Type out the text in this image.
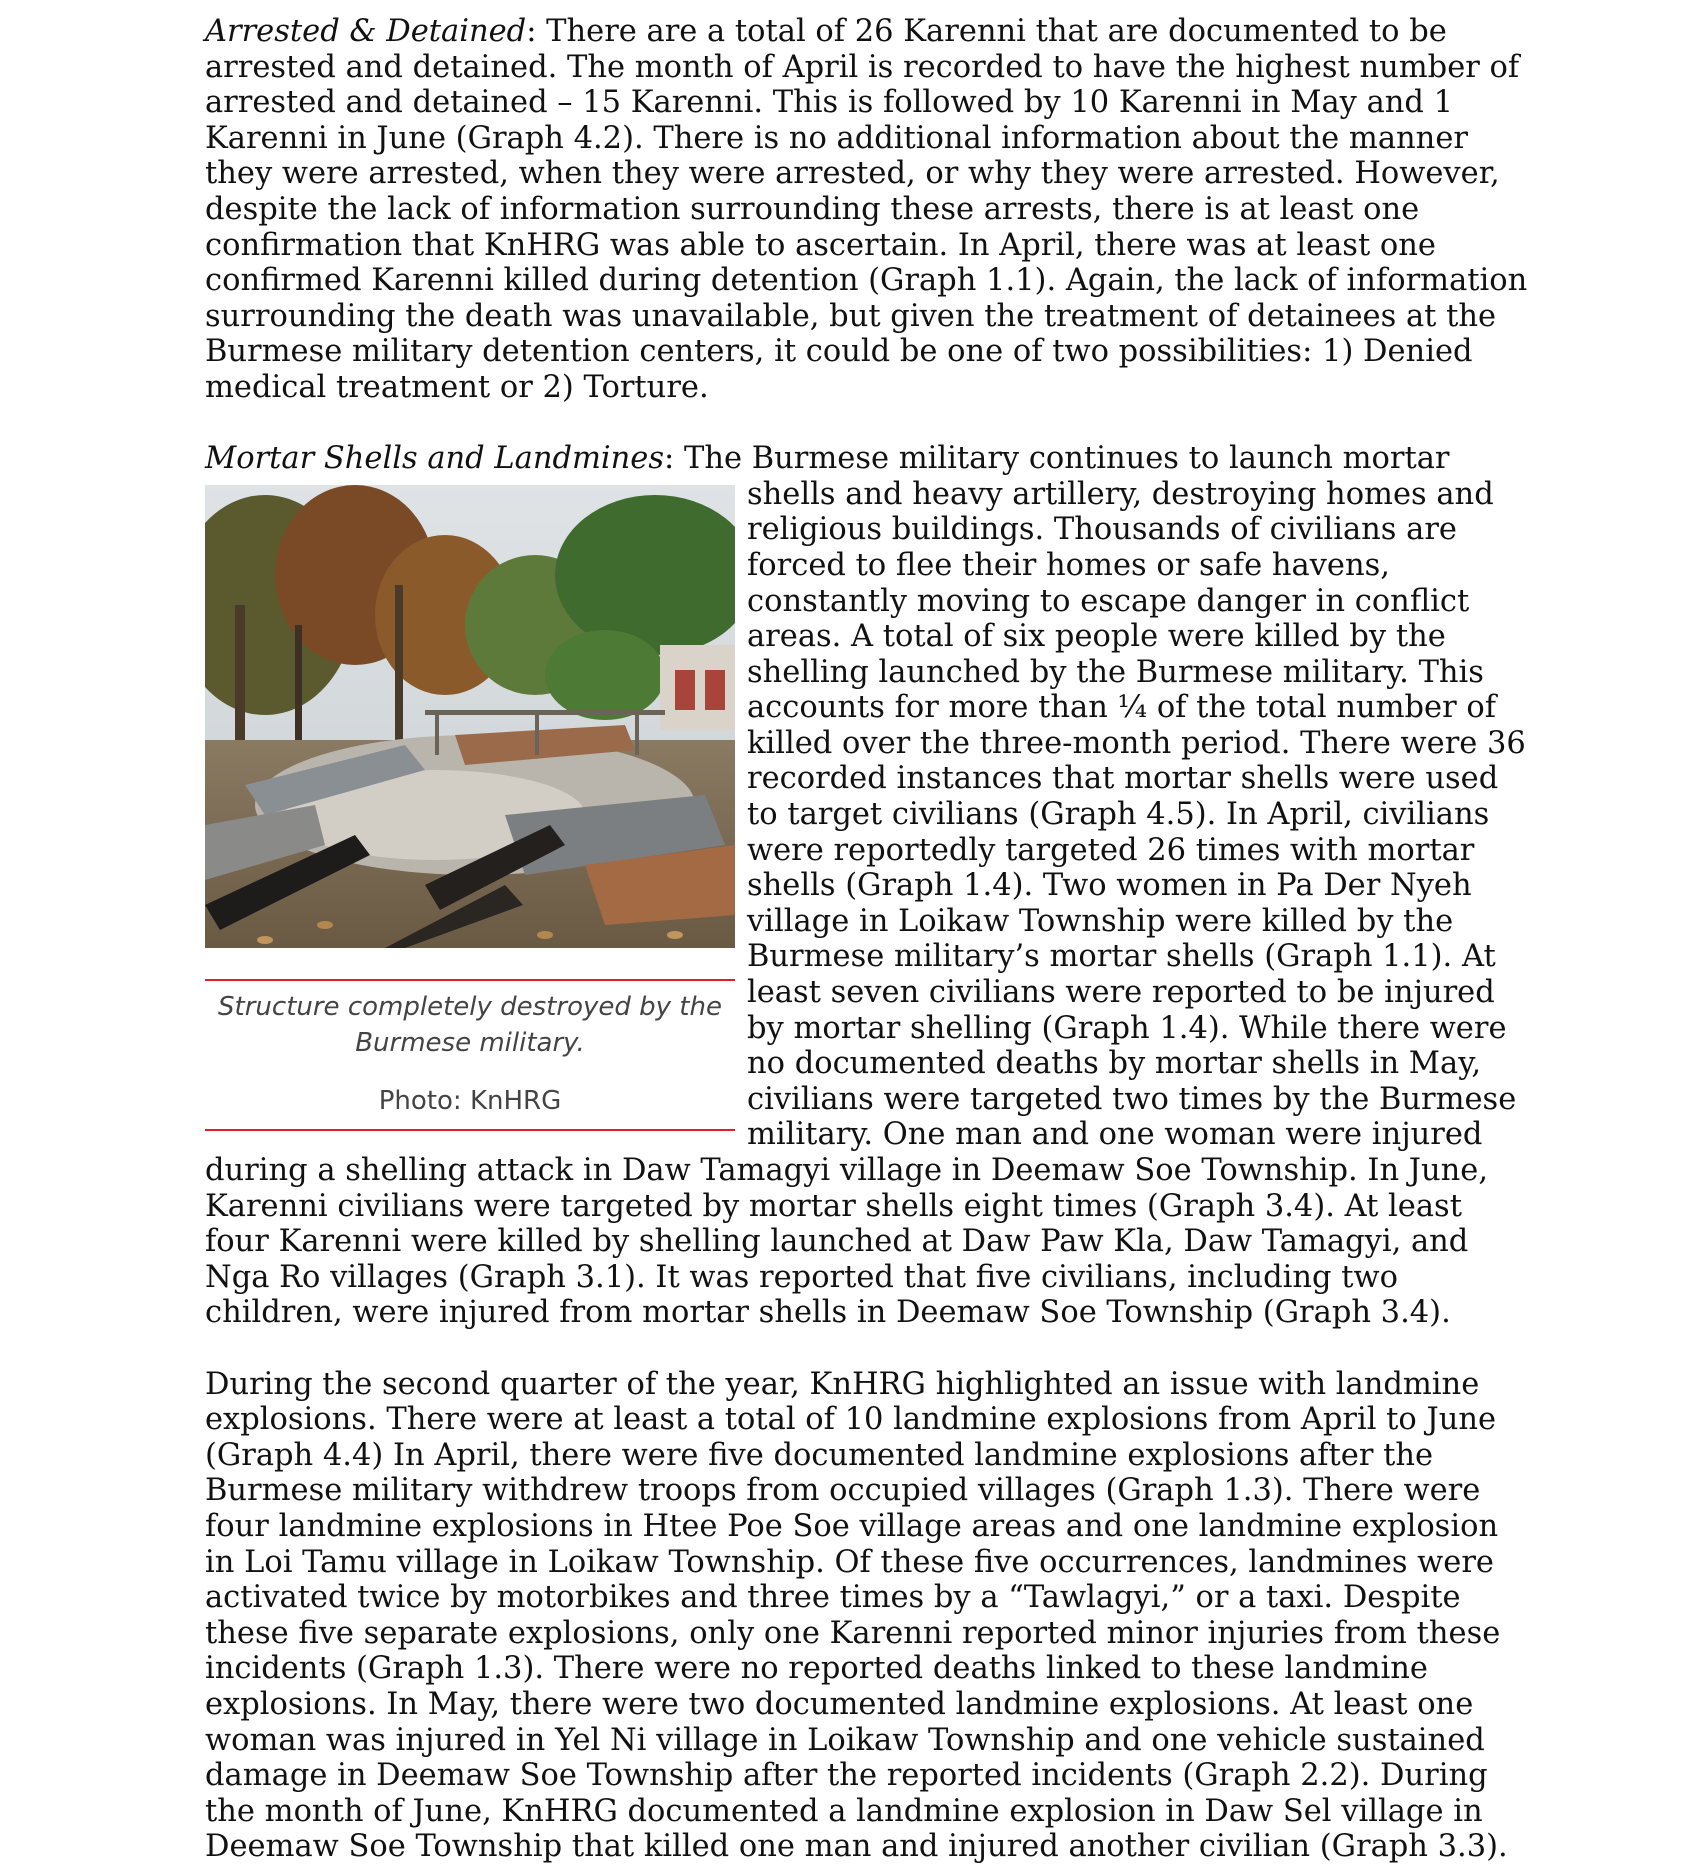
Arrested & Detained: There are a total of 26 Karenni that are documented to be arrested and detained. The month of April is recorded to have the highest number of arrested and detained – 15 Karenni. This is followed by 10 Karenni in May and 1 Karenni in June (Graph 4.2). There is no additional information about the manner they were arrested, when they were arrested, or why they were arrested. However, despite the lack of information surrounding these arrests, there is at least one confirmation that KnHRG was able to ascertain. In April, there was at least one confirmed Karenni killed during detention (Graph 1.1). Again, the lack of information surrounding the death was unavailable, but given the treatment of detainees at the Burmese military detention centers, it could be one of two possibilities: 1) Denied medical treatment or 2) Torture.

Mortar Shells and Landmines: The Burmese military continues to launch mortar shells
Structure completely destroyed by the Burmese military.
Photo: KnHRG
and heavy artillery, destroying homes and religious buildings. Thousands of civilians are forced to flee their homes or safe havens, constantly moving to escape danger in conflict areas. A total of six people were killed by the shelling launched by the Burmese military. This accounts for more than ¼ of the total number of killed over the three-month period. There were 36 recorded instances that mortar shells were used to target civilians (Graph 4.5). In April, civilians were reportedly targeted 26 times with mortar shells (Graph 1.4). Two women in Pa Der Nyeh village in Loikaw Township were killed by the Burmese military’s mortar shells (Graph 1.1). At least seven civilians were reported to be injured by mortar shelling (Graph 1.4). While there were no documented deaths by mortar shells in May, civilians were targeted two times by the Burmese military. One man and one woman were injured during a shelling attack in Daw Tamagyi village in Deemaw Soe Township. In June, Karenni civilians were targeted by mortar shells eight times (Graph 3.4). At least four Karenni were killed by shelling launched at Daw Paw Kla, Daw Tamagyi, and Nga Ro villages (Graph 3.1). It was reported that five civilians, including two children, were injured from mortar shells in Deemaw Soe Township (Graph 3.4).

During the second quarter of the year, KnHRG highlighted an issue with landmine explosions. There were at least a total of 10 landmine explosions from April to June (Graph 4.4) In April, there were five documented landmine explosions after the Burmese military withdrew troops from occupied villages (Graph 1.3). There were four landmine explosions in Htee Poe Soe village areas and one landmine explosion in Loi Tamu village in Loikaw Township. Of these five occurrences, landmines were activated twice by motorbikes and three times by a “Tawlagyi,” or a taxi. Despite these five separate explosions, only one Karenni reported minor injuries from these incidents (Graph 1.3). There were no reported deaths linked to these landmine explosions. In May, there were two documented landmine explosions. At least one woman was injured in Yel Ni village in Loikaw Township and one vehicle sustained damage in Deemaw Soe Township after the reported incidents (Graph 2.2). During the month of June, KnHRG documented a landmine explosion in Daw Sel village in Deemaw Soe Township that killed one man and injured another civilian (Graph 3.3).
